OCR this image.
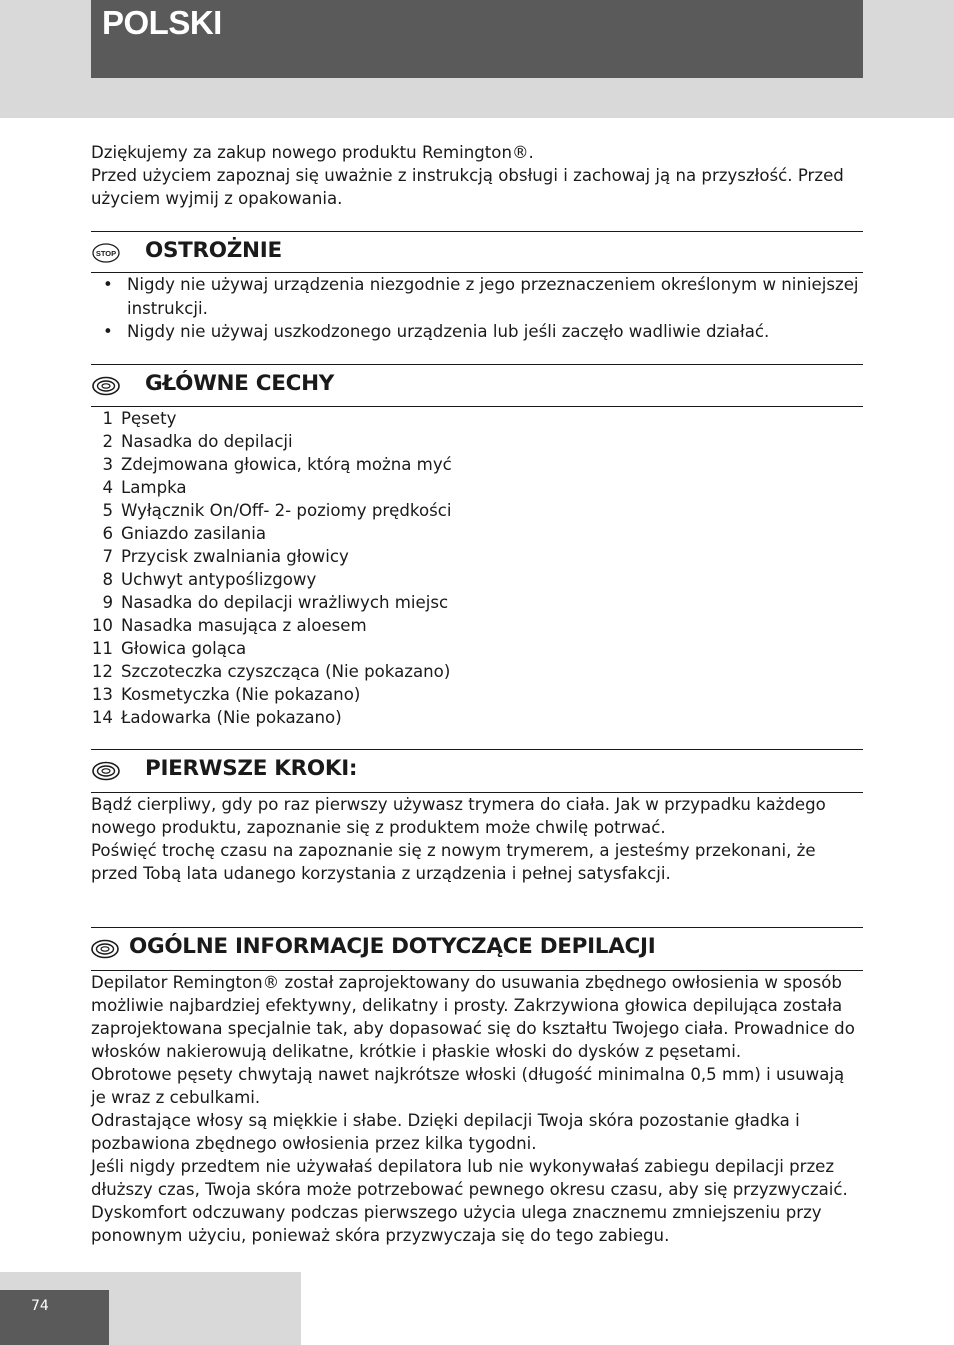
POLSKI

Dziękujemy za zakup nowego produktu Remington®.

Przed użyciem zapoznaj się uważnie z instrukcją obsługi i zachowaj ją na przyszłość. Przed użyciem wyjmij z opakowania.

STOP OSTROŻNIE
• Nigdy nie używaj urządzenia niezgodnie z jego przeznaczeniem określonym w niniejszej instrukcji.
• Nigdy nie używaj uszkodzonego urządzenia lub jeśli zaczęło wadliwie działać.
GŁÓWNE CECHY
1 Pęsety
2 Nasadka do depilacji
3 Zdejmowana głowica, którą można myć
4 Lampka
5 Wyłącznik On/Off- 2- poziomy prędkości
6 Gniazdo zasilania
7 Przycisk zwalniania głowicy
8 Uchwyt antypoślizgowy
9 Nasadka do depilacji wrażliwych miejsc
10 Nasadka masująca z aloesem
11 Głowica goląca
12 Szczoteczka czyszcząca (Nie pokazano)
13 Kosmetyczka (Nie pokazano)
14 Ładowarka (Nie pokazano)
PIERWSZE KROKI:

Bądź cierpliwy, gdy po raz pierwszy używasz trymera do ciała. Jak w przypadku każdego nowego produktu, zapoznanie się z produktem może chwilę potrwać.

Poświęć trochę czasu na zapoznanie się z nowym trymerem, a jesteśmy przekonani, że przed Tobą lata udanego korzystania z urządzenia i pełnej satysfakcji.

OGÓLNE INFORMACJE DOTYCZĄCE DEPILACJI

Depilator Remington® został zaprojektowany do usuwania zbędnego owłosienia w sposób możliwie najbardziej efektywny, delikatny i prosty. Zakrzywiona głowica depilująca została zaprojektowana specjalnie tak, aby dopasować się do kształtu Twojego ciała. Prowadnice do włosków nakierowują delikatne, krótkie i płaskie włoski do dysków z pęsetami.

Obrotowe pęsety chwytają nawet najkrótsze włoski (długość minimalna 0,5 mm) i usuwają je wraz z cebulkami.

Odrastające włosy są miękkie i słabe. Dzięki depilacji Twoja skóra pozostanie gładka i pozbawiona zbędnego owłosienia przez kilka tygodni.

Jeśli nigdy przedtem nie używałaś depilatora lub nie wykonywałaś zabiegu depilacji przez dłuższy czas, Twoja skóra może potrzebować pewnego okresu czasu, aby się przyzwyczaić. Dyskomfort odczuwany podczas pierwszego użycia ulega znacznemu zmniejszeniu przy ponownym użyciu, ponieważ skóra przyzwyczaja się do tego zabiegu.

74
